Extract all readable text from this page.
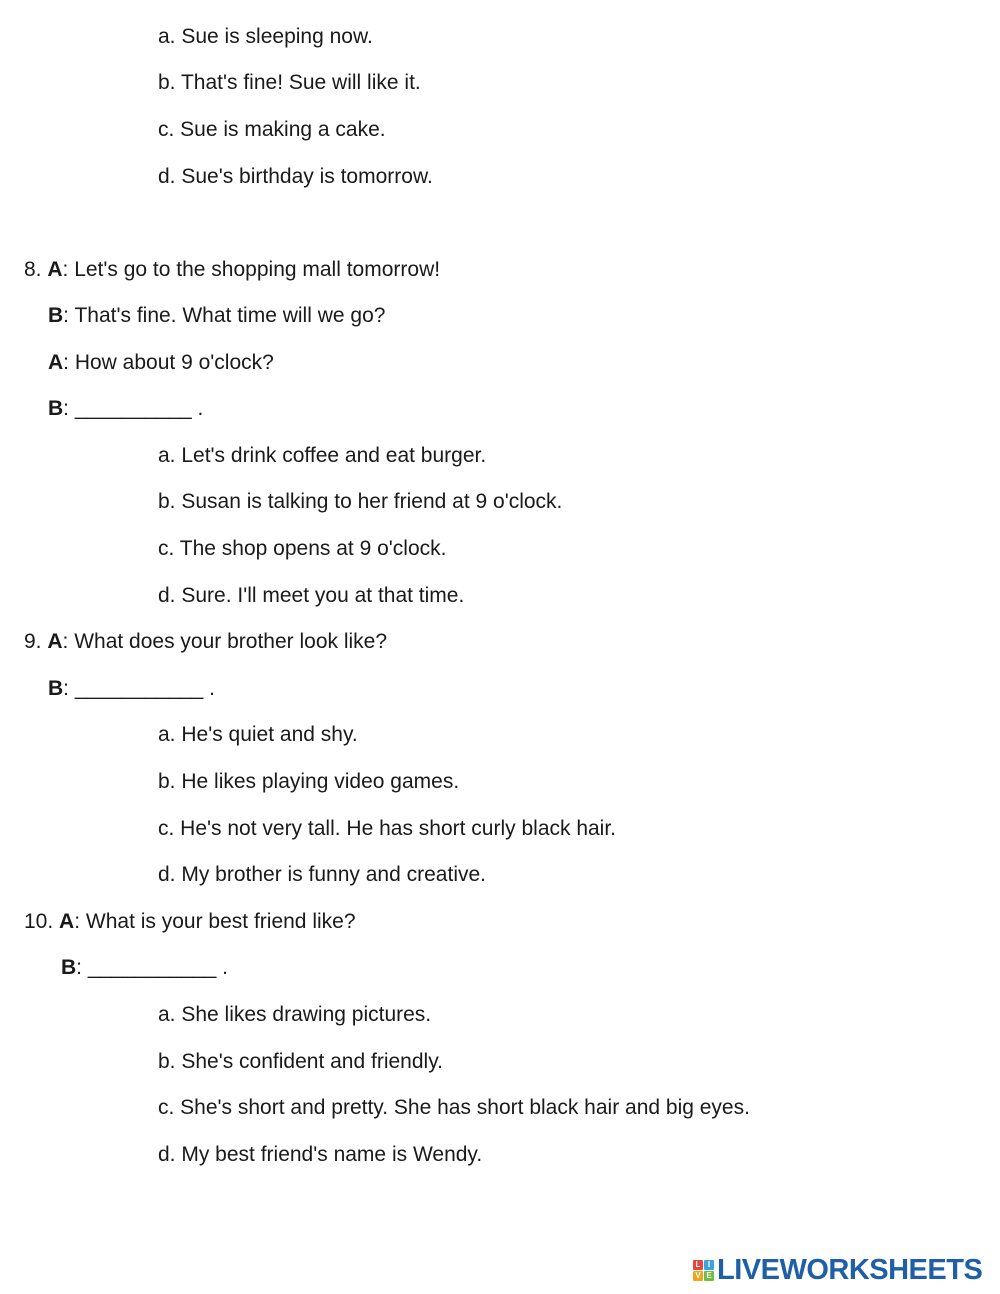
a. Sue is sleeping now.
b. That's fine! Sue will like it.
c. Sue is making a cake.
d. Sue's birthday is tomorrow.
8. A: Let's go to the shopping mall tomorrow!
B: That's fine. What time will we go?
A: How about 9 o'clock?
B: __________ .
a. Let's drink coffee and eat burger.
b. Susan is talking to her friend at 9 o'clock.
c. The shop opens at 9 o'clock.
d. Sure. I'll meet you at that time.
9. A: What does your brother look like?
B: ___________ .
a. He's quiet and shy.
b. He likes playing video games.
c. He's not very tall. He has short curly black hair.
d. My brother is funny and creative.
10. A: What is your best friend like?
B: ___________ .
a. She likes drawing pictures.
b. She's confident and friendly.
c. She's short and pretty. She has short black hair and big eyes.
d. My best friend's name is Wendy.
L I
V E LIVEWORKSHEETS
